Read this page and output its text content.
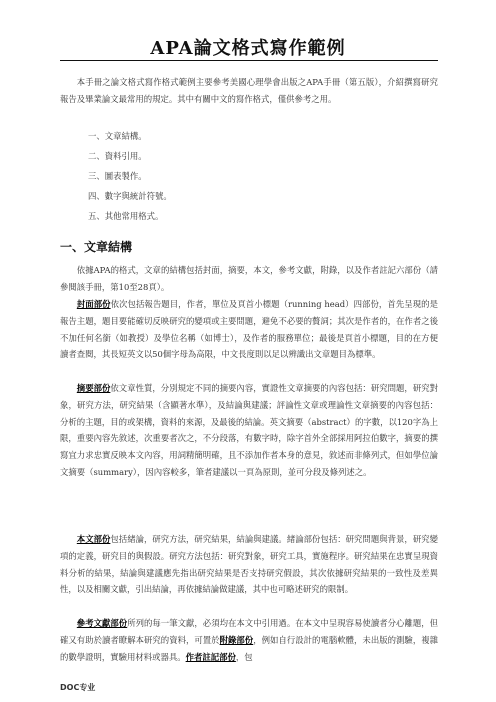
APA論文格式寫作範例

本手冊之論文格式寫作格式範例主要參考美國心理學會出版之APA手冊（第五版），介紹撰寫研究報告及畢業論文最常用的規定。其中有關中文的寫作格式，僅供參考之用。

一、文章結構。
二、資料引用。
三、圖表製作。
四、數字與統計符號。
五、其他常用格式。
一、文章結構

依據APA的格式，文章的結構包括封面，摘要，本文，參考文獻，附錄，以及作者註記六部份（請參閱該手冊，第10至28頁）。

封面部份依次包括報告題目，作者，單位及頁首小標題（running head）四部份，首先呈現的是報告主題，題目要能確切反映研究的變項或主要問題，避免不必要的贅詞；其次是作者的，在作者之後不加任何名銜（如教授）及學位名稱（如博士），及作者的服務單位；最後是頁首小標題，目的在方便讀者查閱，其長短英文以50個字母為高限，中文長度則以足以辨識出文章題目為標準。

摘要部份依文章性質，分別規定不同的摘要內容，實證性文章摘要的內容包括：研究問題，研究對象，研究方法，研究結果（含顯著水準），及結論與建議；評論性文章或理論性文章摘要的內容包括：分析的主題，目的或架構，資料的來源，及最後的結論。英文摘要（abstract）的字數，以120字為上限，重要內容先敘述，次重要者次之，不分段落，有數字時，除字首外全部採用阿拉伯數字，摘要的撰寫宜力求忠實反映本文內容，用詞精簡明確，且不添加作者本身的意見，敘述而非條列式，但如學位論文摘要（summary），因內容較多，筆者建議以一頁為原則，並可分段及條列述之。

本文部份包括緒論，研究方法，研究結果，結論與建議。緒論部份包括：研究問題與背景，研究變項的定義，研究目的與假設。研究方法包括：研究對象，研究工具，實施程序。研究結果在忠實呈現資料分析的結果，結論與建議應先指出研究結果是否支持研究假設，其次依據研究結果的一致性及差異性，以及相關文獻，引出結論，再依據結論做建議，其中也可略述研究的限制。

參考文獻部份所列的每一筆文獻，必須均在本文中引用過。在本文中呈現容易使讀者分心離題，但確又有助於讀者瞭解本研究的資料，可置於附錄部份，例如自行設計的電腦軟體，未出版的測驗，複雜的數學證明，實驗用材料或器具。作者註記部份，包

DOC专业
